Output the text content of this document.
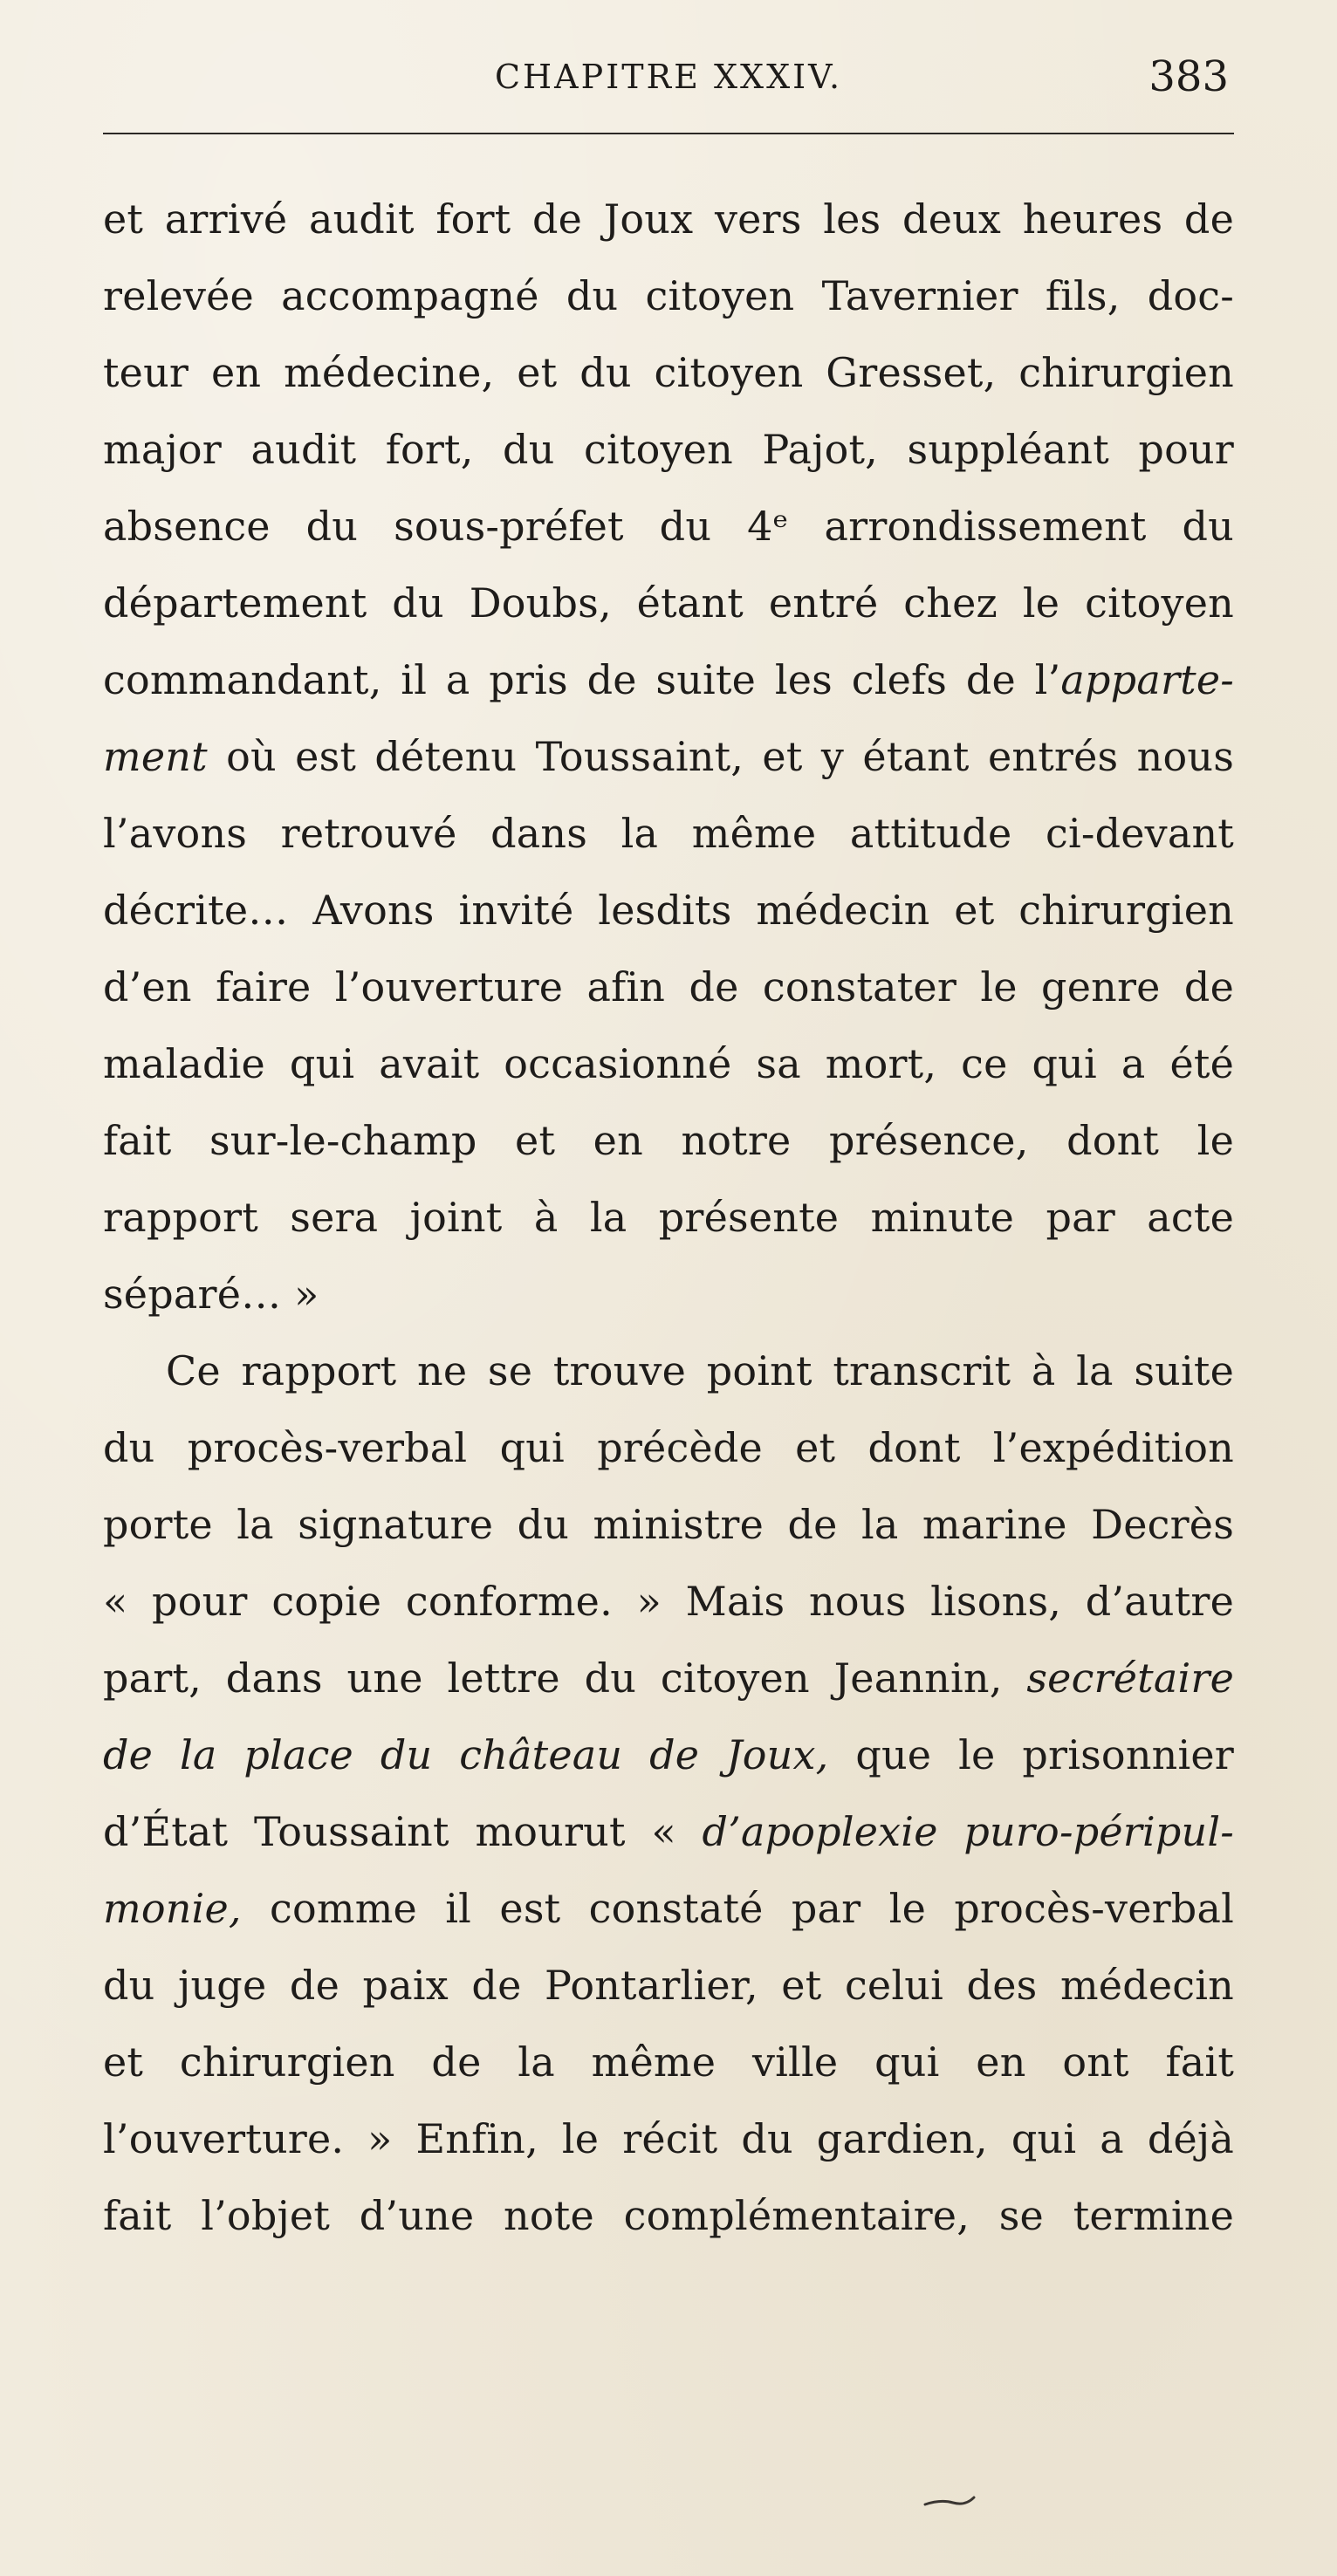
CHAPITRE XXXIV.	383
et arrivé audit fort de Joux vers les deux heures de
relevée accompagné du citoyen Tavernier fils, doc-
teur en médecine, et du citoyen Gresset, chirurgien
major audit fort, du citoyen Pajot, suppléant pour
absence du sous-préfet du 4ᵉ arrondissement du
département du Doubs, étant entré chez le citoyen
commandant, il a pris de suite les clefs de l’apparte-
ment où est détenu Toussaint, et y étant entrés nous
l’avons retrouvé dans la même attitude ci-devant
décrite… Avons invité lesdits médecin et chirurgien
d’en faire l’ouverture afin de constater le genre de
maladie qui avait occasionné sa mort, ce qui a été
fait sur-le-champ et en notre présence, dont le
rapport sera joint à la présente minute par acte
séparé… »
Ce rapport ne se trouve point transcrit à la suite
du procès-verbal qui précède et dont l’expédition
porte la signature du ministre de la marine Decrès
« pour copie conforme. » Mais nous lisons, d’autre
part, dans une lettre du citoyen Jeannin, secrétaire
de la place du château de Joux, que le prisonnier
d’État Toussaint mourut « d’apoplexie puro-péripul-
monie, comme il est constaté par le procès-verbal
du juge de paix de Pontarlier, et celui des médecin
et chirurgien de la même ville qui en ont fait
l’ouverture. » Enfin, le récit du gardien, qui a déjà
fait l’objet d’une note complémentaire, se termine
